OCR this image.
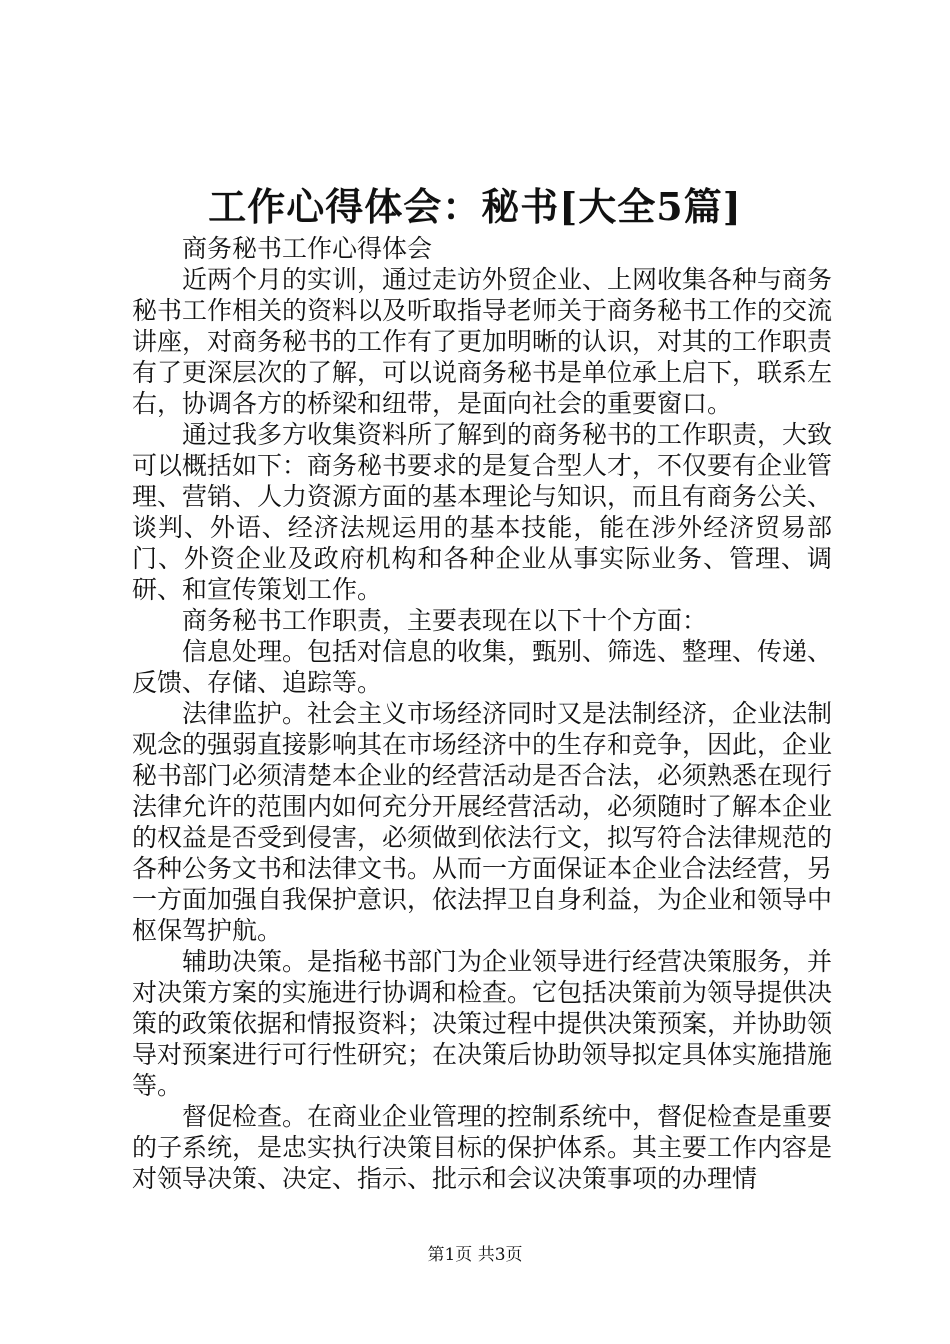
工作心得体会：秘书[大全5篇]

商务秘书工作心得体会

近两个月的实训，通过走访外贸企业、上网收集各种与商务秘书工作相关的资料以及听取指导老师关于商务秘书工作的交流讲座，对商务秘书的工作有了更加明晰的认识，对其的工作职责有了更深层次的了解，可以说商务秘书是单位承上启下，联系左右，协调各方的桥梁和纽带，是面向社会的重要窗口。

通过我多方收集资料所了解到的商务秘书的工作职责，大致可以概括如下：商务秘书要求的是复合型人才，不仅要有企业管理、营销、人力资源方面的基本理论与知识，而且有商务公关、谈判、外语、经济法规运用的基本技能，能在涉外经济贸易部门、外资企业及政府机构和各种企业从事实际业务、管理、调研、和宣传策划工作。

商务秘书工作职责，主要表现在以下十个方面：

信息处理。包括对信息的收集，甄别、筛选、整理、传递、反馈、存储、追踪等。

法律监护。社会主义市场经济同时又是法制经济，企业法制观念的强弱直接影响其在市场经济中的生存和竞争，因此，企业秘书部门必须清楚本企业的经营活动是否合法，必须熟悉在现行法律允许的范围内如何充分开展经营活动，必须随时了解本企业的权益是否受到侵害，必须做到依法行文，拟写符合法律规范的各种公务文书和法律文书。从而一方面保证本企业合法经营，另一方面加强自我保护意识，依法捍卫自身利益，为企业和领导中枢保驾护航。

辅助决策。是指秘书部门为企业领导进行经营决策服务，并对决策方案的实施进行协调和检查。它包括决策前为领导提供决策的政策依据和情报资料；决策过程中提供决策预案，并协助领导对预案进行可行性研究；在决策后协助领导拟定具体实施措施等。

督促检查。在商业企业管理的控制系统中，督促检查是重要的子系统，是忠实执行决策目标的保护体系。其主要工作内容是对领导决策、决定、指示、批示和会议决策事项的办理情

第1页 共3页
